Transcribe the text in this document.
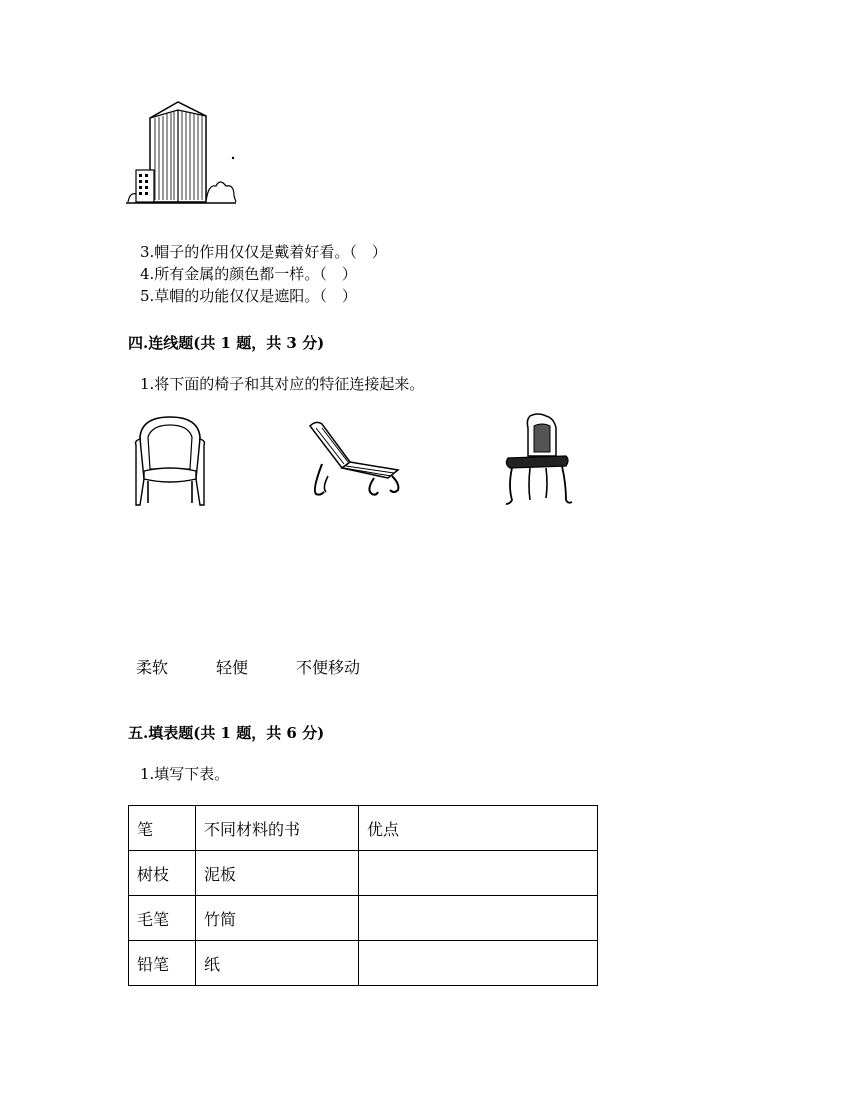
3.帽子的作用仅仅是戴着好看。（　）
4.所有金属的颜色都一样。（　）
5.草帽的功能仅仅是遮阳。（　）
四.连线题(共 1 题，共 3 分)
1.将下面的椅子和其对应的特征连接起来。
柔软	轻便	不便移动
五.填表题(共 1 题，共 6 分)
1.填写下表。
笔	不同材料的书	优点
树枝	泥板	
毛笔	竹简	
铅笔	纸	
